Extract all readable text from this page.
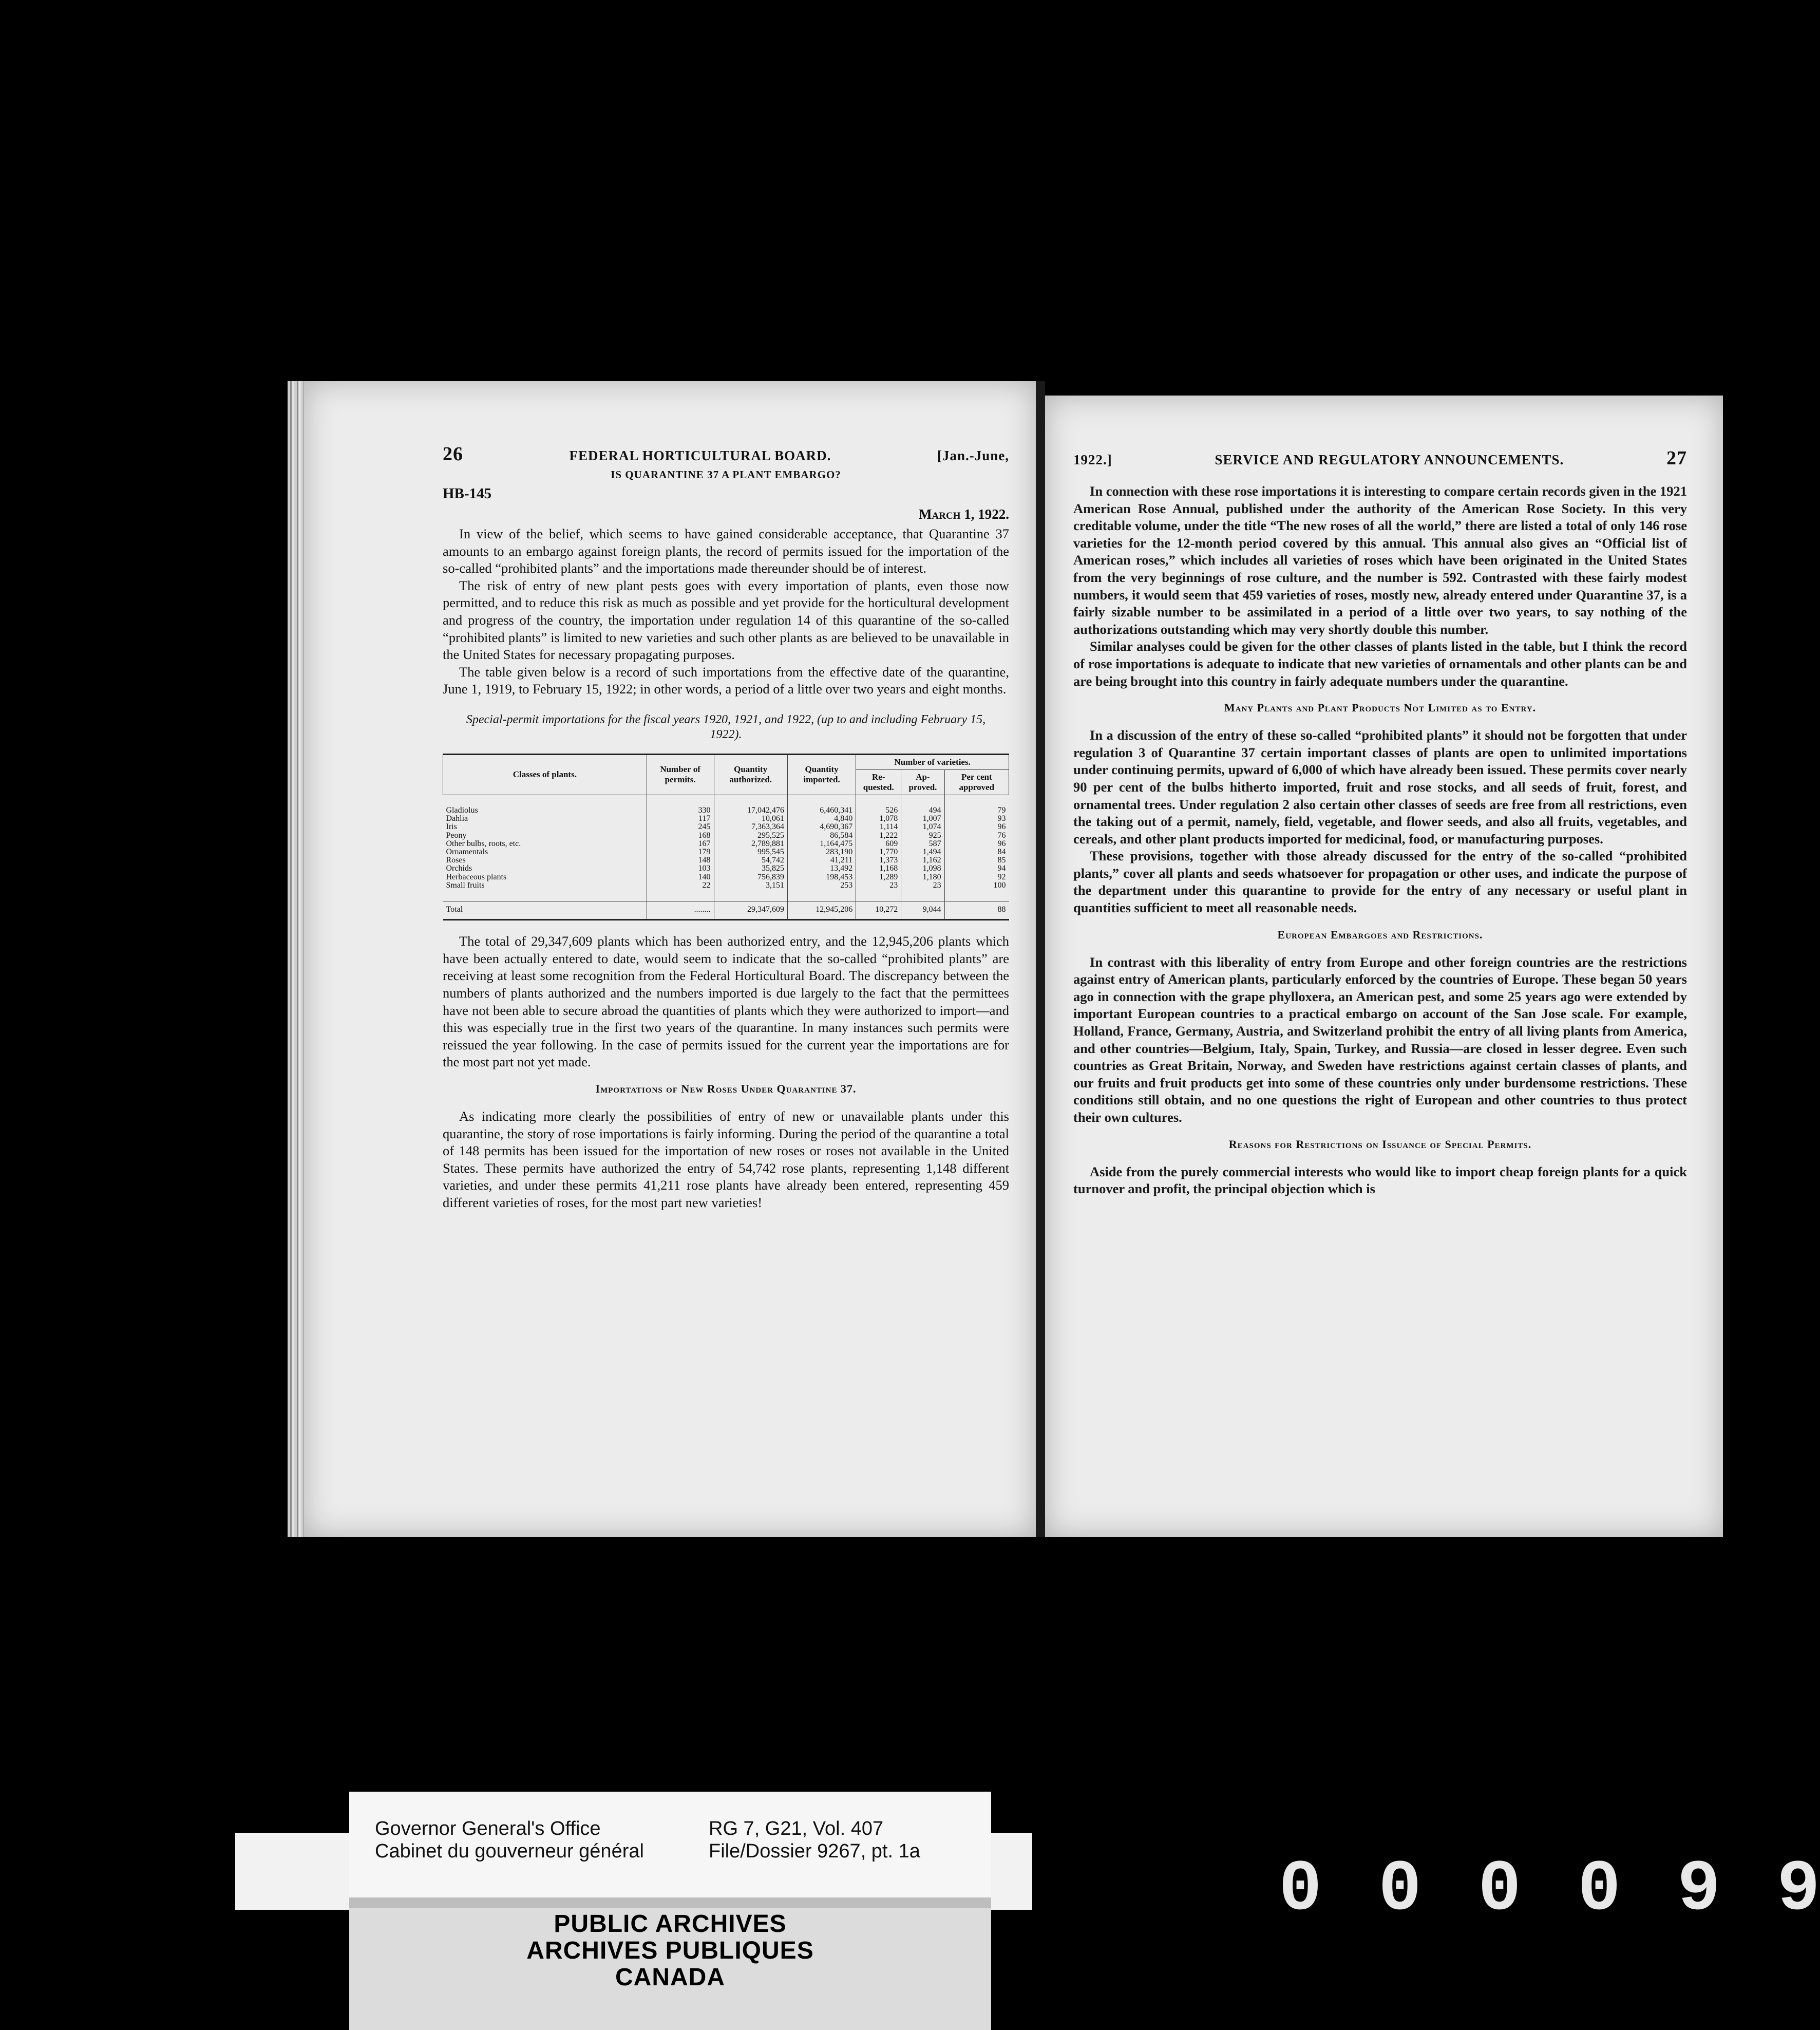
26	FEDERAL HORTICULTURAL BOARD.	[Jan.-June,
IS QUARANTINE 37 A PLANT EMBARGO?
HB-145
March 1, 1922.

In view of the belief, which seems to have gained considerable acceptance, that Quarantine 37 amounts to an embargo against foreign plants, the record of permits issued for the importation of the so-called “prohibited plants” and the importations made thereunder should be of interest.

The risk of entry of new plant pests goes with every importation of plants, even those now permitted, and to reduce this risk as much as possible and yet provide for the horticultural development and progress of the country, the importation under regulation 14 of this quarantine of the so-called “prohibited plants” is limited to new varieties and such other plants as are believed to be unavailable in the United States for necessary propagating purposes.

The table given below is a record of such importations from the effective date of the quarantine, June 1, 1919, to February 15, 1922; in other words, a period of a little over two years and eight months.

Special-permit importations for the fiscal years 1920, 1921, and 1922, (up to and including February 15, 1922).
Classes of plants.	Number of permits.	Quantity authorized.	Quantity imported.	Number of varieties.		
				Re-quested.	Ap-proved.	Per cent approved

Gladiolus	330	17,042,476	6,460,341	526	494	79
Dahlia	117	10,061	4,840	1,078	1,007	93
Iris	245	7,363,364	4,690,367	1,114	1,074	96
Peony	168	295,525	86,584	1,222	925	76
Other bulbs, roots, etc.	167	2,789,881	1,164,475	609	587	96
Ornamentals	179	995,545	283,190	1,770	1,494	84
Roses	148	54,742	41,211	1,373	1,162	85
Orchids	103	35,825	13,492	1,168	1,098	94
Herbaceous plants	140	756,839	198,453	1,289	1,180	92
Small fruits	22	3,151	253	23	23	100

Total	........	29,347,609	12,945,206	10,272	9,044	88

The total of 29,347,609 plants which has been authorized entry, and the 12,945,206 plants which have been actually entered to date, would seem to indicate that the so-called “prohibited plants” are receiving at least some recognition from the Federal Horticultural Board. The discrepancy between the numbers of plants authorized and the numbers imported is due largely to the fact that the permittees have not been able to secure abroad the quantities of plants which they were authorized to import—and this was especially true in the first two years of the quarantine. In many instances such permits were reissued the year following. In the case of permits issued for the current year the importations are for the most part not yet made.

Importations of New Roses Under Quarantine 37.

As indicating more clearly the possibilities of entry of new or unavailable plants under this quarantine, the story of rose importations is fairly informing. During the period of the quarantine a total of 148 permits has been issued for the importation of new roses or roses not available in the United States. These permits have authorized the entry of 54,742 rose plants, representing 1,148 different varieties, and under these permits 41,211 rose plants have already been entered, representing 459 different varieties of roses, for the most part new varieties!

1922.]	SERVICE AND REGULATORY ANNOUNCEMENTS.	27

In connection with these rose importations it is interesting to compare certain records given in the 1921 American Rose Annual, published under the authority of the American Rose Society. In this very creditable volume, under the title “The new roses of all the world,” there are listed a total of only 146 rose varieties for the 12-month period covered by this annual. This annual also gives an “Official list of American roses,” which includes all varieties of roses which have been originated in the United States from the very beginnings of rose culture, and the number is 592. Contrasted with these fairly modest numbers, it would seem that 459 varieties of roses, mostly new, already entered under Quarantine 37, is a fairly sizable number to be assimilated in a period of a little over two years, to say nothing of the authorizations outstanding which may very shortly double this number.

Similar analyses could be given for the other classes of plants listed in the table, but I think the record of rose importations is adequate to indicate that new varieties of ornamentals and other plants can be and are being brought into this country in fairly adequate numbers under the quarantine.

Many Plants and Plant Products Not Limited as to Entry.

In a discussion of the entry of these so-called “prohibited plants” it should not be forgotten that under regulation 3 of Quarantine 37 certain important classes of plants are open to unlimited importations under continuing permits, upward of 6,000 of which have already been issued. These permits cover nearly 90 per cent of the bulbs hitherto imported, fruit and rose stocks, and all seeds of fruit, forest, and ornamental trees. Under regulation 2 also certain other classes of seeds are free from all restrictions, even the taking out of a permit, namely, field, vegetable, and flower seeds, and also all fruits, vegetables, and cereals, and other plant products imported for medicinal, food, or manufacturing purposes.

These provisions, together with those already discussed for the entry of the so-called “prohibited plants,” cover all plants and seeds whatsoever for propagation or other uses, and indicate the purpose of the department under this quarantine to provide for the entry of any necessary or useful plant in quantities sufficient to meet all reasonable needs.

European Embargoes and Restrictions.

In contrast with this liberality of entry from Europe and other foreign countries are the restrictions against entry of American plants, particularly enforced by the countries of Europe. These began 50 years ago in connection with the grape phylloxera, an American pest, and some 25 years ago were extended by important European countries to a practical embargo on account of the San Jose scale. For example, Holland, France, Germany, Austria, and Switzerland prohibit the entry of all living plants from America, and other countries—Belgium, Italy, Spain, Turkey, and Russia—are closed in lesser degree. Even such countries as Great Britain, Norway, and Sweden have restrictions against certain classes of plants, and our fruits and fruit products get into some of these countries only under burdensome restrictions. These conditions still obtain, and no one questions the right of European and other countries to thus protect their own cultures.

Reasons for Restrictions on Issuance of Special Permits.

Aside from the purely commercial interests who would like to import cheap foreign plants for a quick turnover and profit, the principal objection which is

Governor General's Office	RG 7, G21, Vol. 407
Cabinet du gouverneur général	File/Dossier 9267, pt. 1a
PUBLIC ARCHIVES
ARCHIVES PUBLIQUES
CANADA
0 0 0 0 9 9
